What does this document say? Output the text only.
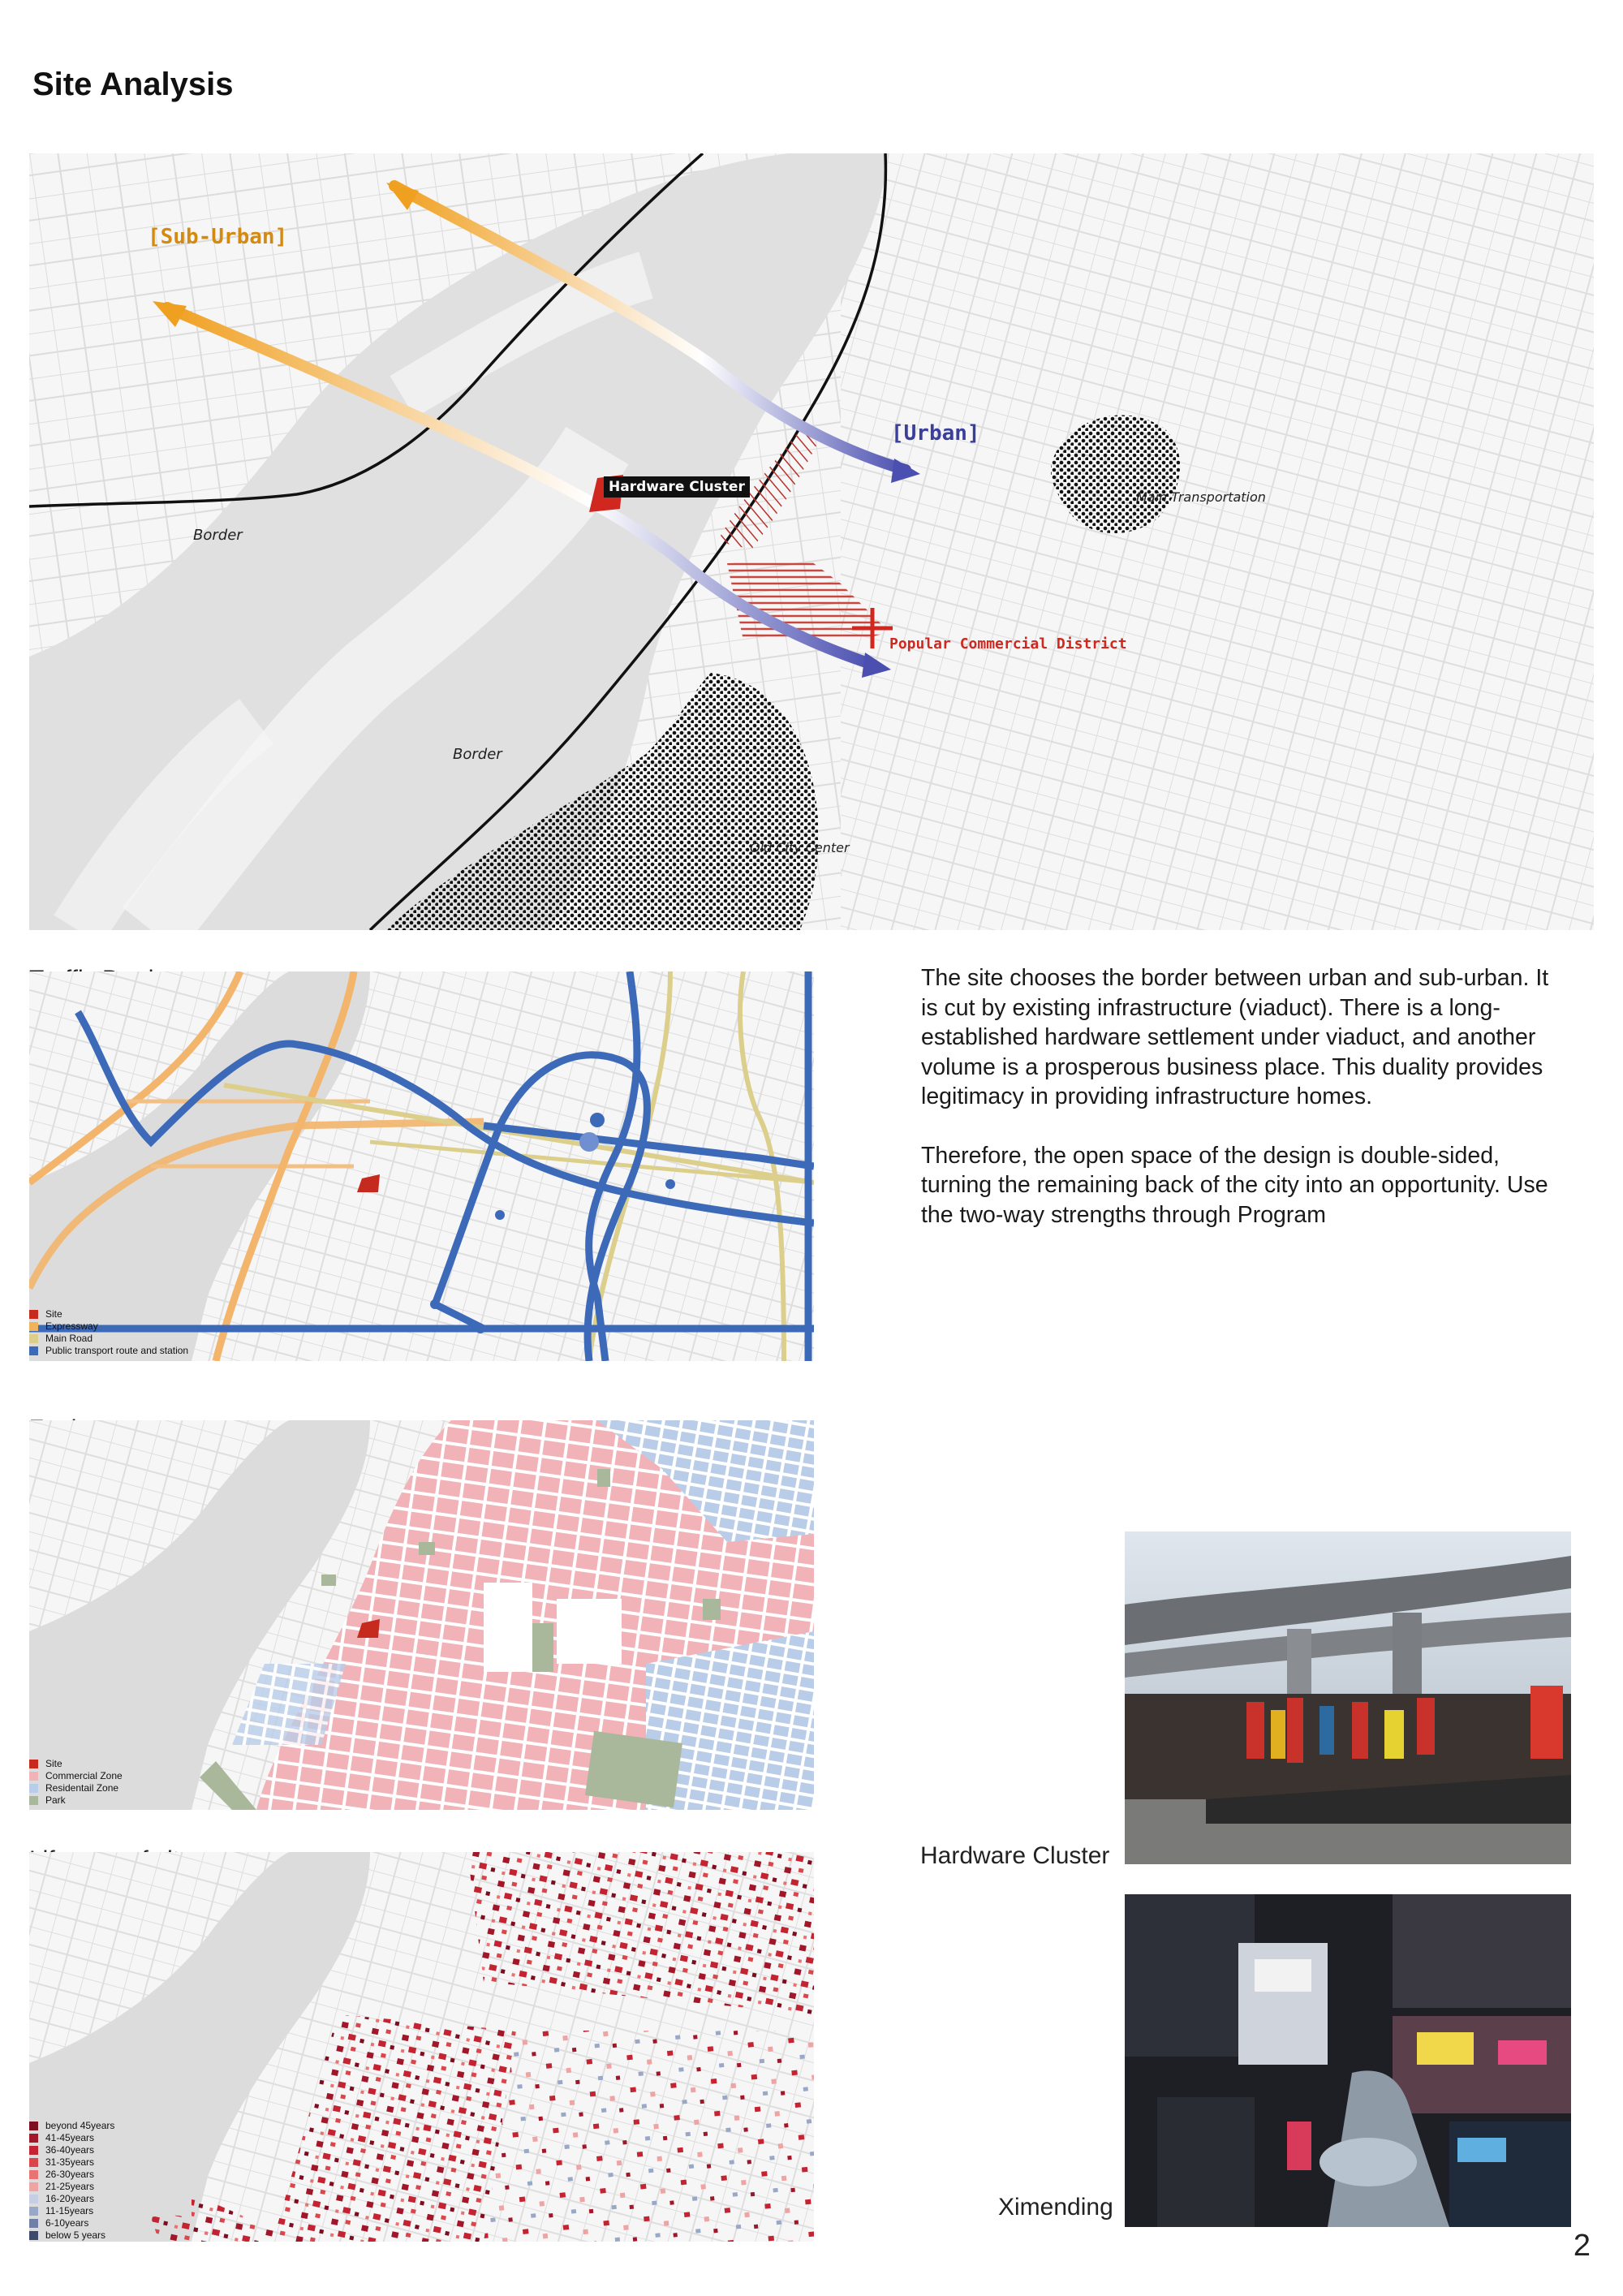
Site Analysis
[Sub-Urban]
[Urban]
Hardware Cluster
Main Transportation
Border
Border
Popular Commercial District
Old City Center
Site
Expressway
Main Road
Public transport route and station

The site chooses the border between urban and sub-urban. It is cut by existing infrastructure (viaduct). There is a long-established hardware settlement under viaduct, and another volume is a prosperous business place. This duality provides legitimacy in providing infrastructure homes.

Therefore, the open space of the design is double-sided, turning the remaining back of the city into an opportunity. Use the two-way strengths through Program

Site
Commercial Zone
Residentail Zone
Park
beyond 45years
41-45years
36-40years
31-35years
26-30years
21-25years
16-20years
11-15years
6-10years
below 5 years
Hardware Cluster
Ximending
2
